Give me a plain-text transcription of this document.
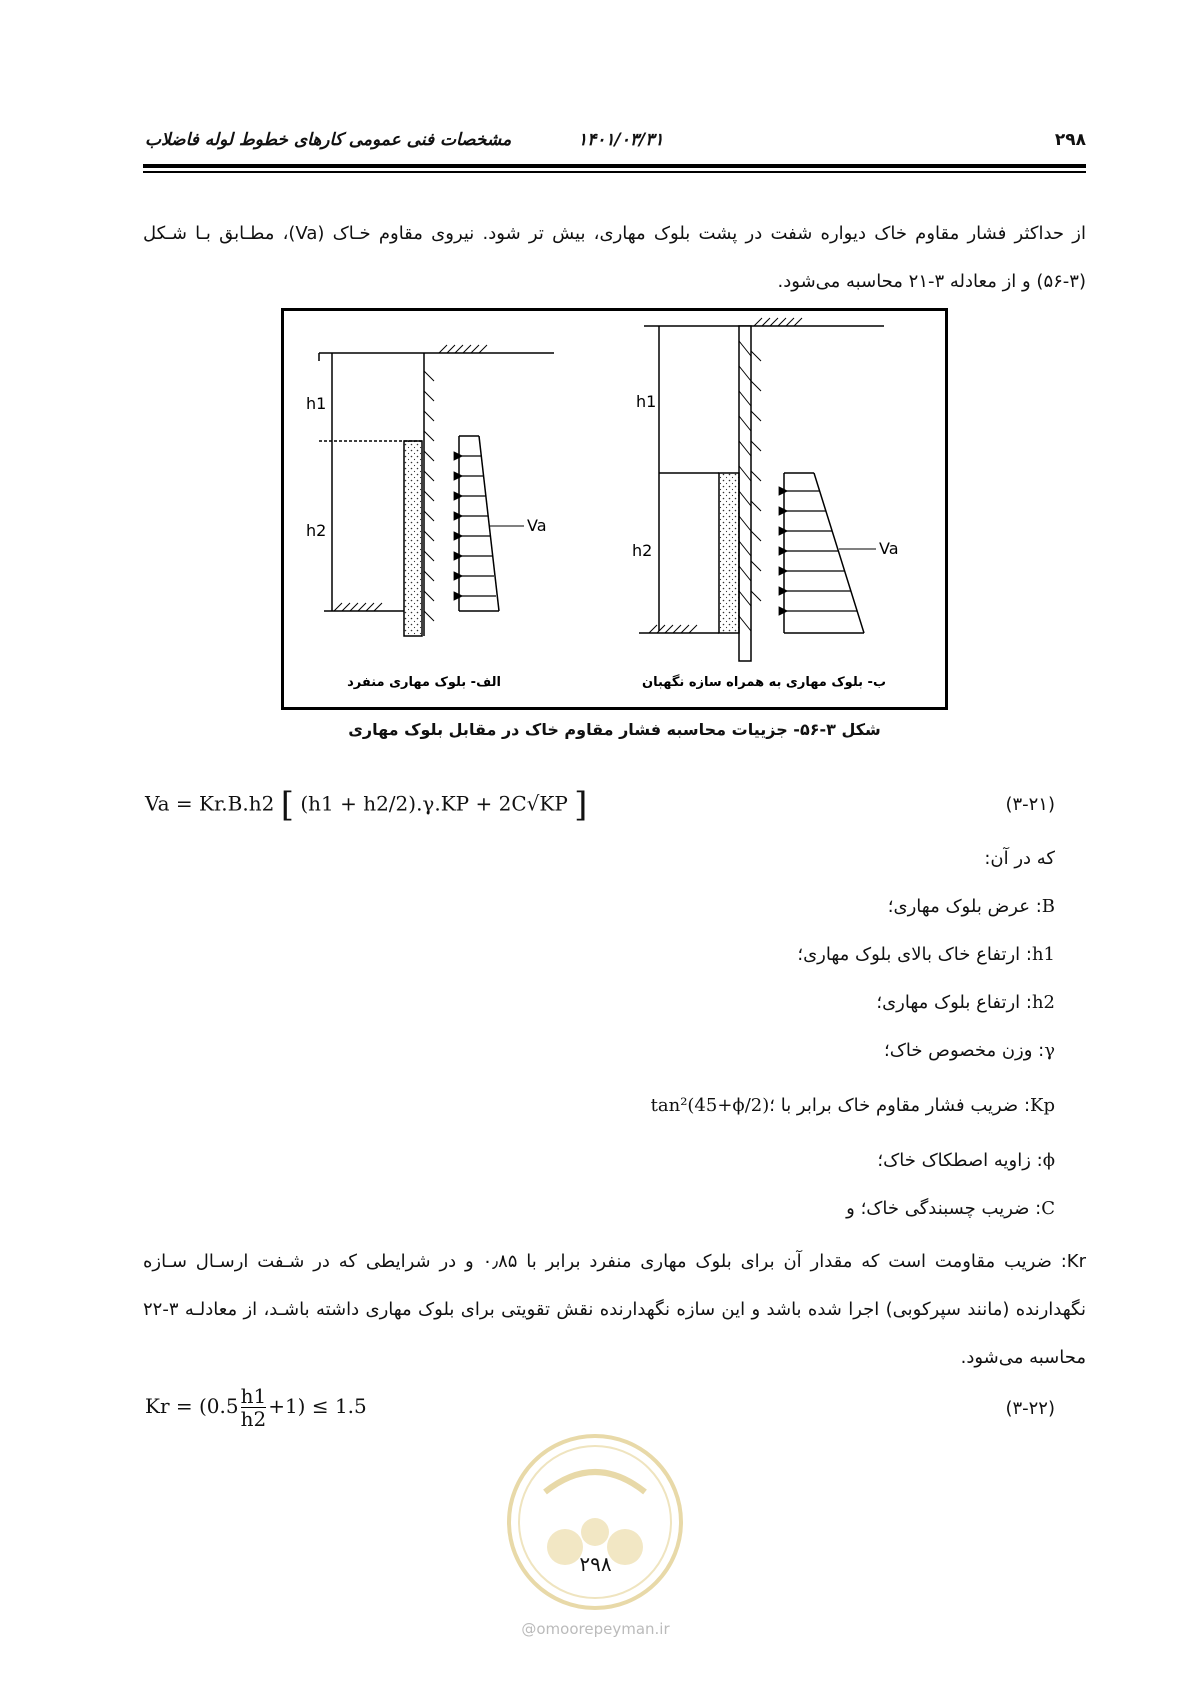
۲۹۸
۱۴۰۱/۰۳/۳۱
مشخصات فنی عمومی کارهای خطوط لوله فاضلاب
از حداکثر فشار مقاوم خاک دیواره شفت در پشت بلوک مهاری، بیش تر شود. نیروی مقاوم خـاک (Va)، مطـابق بـا شـکل (۳-۵۶) و از معادله ۳-۲۱ محاسبه می‌شود.
h1
h2	Va
h1
h2	Va
الف- بلوک مهاری منفرد	ب- بلوک مهاری به همراه سازه نگهبان
شکل ۳-۵۶- جزییات محاسبه فشار مقاوم خاک در مقابل بلوک مهاری
Va = Kr.B.h2 [ (h1 + h2/2).γ.KP + 2C√KP ]	(۳-۲۱)
که در آن:
B: عرض بلوک مهاری؛
h1: ارتفاع خاک بالای بلوک مهاری؛
h2: ارتفاع بلوک مهاری؛
γ: وزن مخصوص خاک؛
Kp: ضریب فشار مقاوم خاک برابر با tan²(45+ϕ/2)؛
ϕ: زاویه اصطکاک خاک؛
C: ضریب چسبندگی خاک؛ و
Kr: ضریب مقاومت است که مقدار آن برای بلوک مهاری منفرد برابر با ۰٫۸۵ و در شرایطی که در شـفت ارسـال سـازه نگهدارنده (مانند سپرکوبی) اجرا شده باشد و این سازه نگهدارنده نقش تقویتی برای بلوک مهاری داشته باشـد، از معادلـه ۳-۲۲ محاسبه می‌شود.
$Kr = (0.5 \frac{h1}{h2} +1) \le 1.5$	(۳-۲۲)
۲۹۸
@omoorepeyman.ir
